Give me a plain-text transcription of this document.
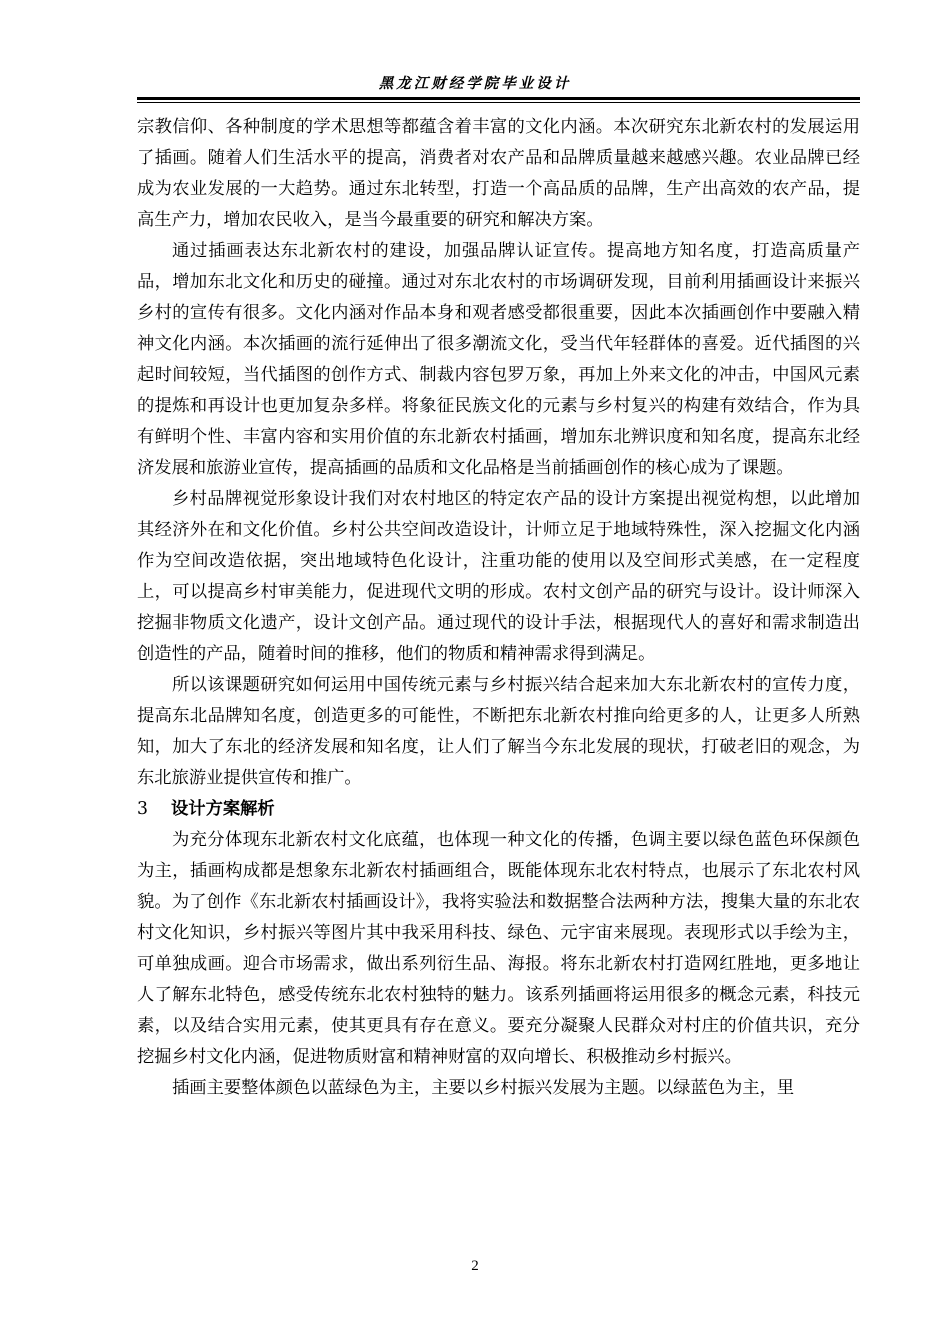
黑龙江财经学院毕业设计

宗教信仰、各种制度的学术思想等都蕴含着丰富的文化内涵。本次研究东北新农村的发展运用了插画。随着人们生活水平的提高，消费者对农产品和品牌质量越来越感兴趣。农业品牌已经成为农业发展的一大趋势。通过东北转型，打造一个高品质的品牌，生产出高效的农产品，提高生产力，增加农民收入，是当今最重要的研究和解决方案。

通过插画表达东北新农村的建设，加强品牌认证宣传。提高地方知名度，打造高质量产品，增加东北文化和历史的碰撞。通过对东北农村的市场调研发现，目前利用插画设计来振兴乡村的宣传有很多。文化内涵对作品本身和观者感受都很重要，因此本次插画创作中要融入精神文化内涵。本次插画的流行延伸出了很多潮流文化，受当代年轻群体的喜爱。近代插图的兴起时间较短，当代插图的创作方式、制裁内容包罗万象，再加上外来文化的冲击，中国风元素的提炼和再设计也更加复杂多样。将象征民族文化的元素与乡村复兴的构建有效结合，作为具有鲜明个性、丰富内容和实用价值的东北新农村插画，增加东北辨识度和知名度，提高东北经济发展和旅游业宣传，提高插画的品质和文化品格是当前插画创作的核心成为了课题。

乡村品牌视觉形象设计我们对农村地区的特定农产品的设计方案提出视觉构想，以此增加其经济外在和文化价值。乡村公共空间改造设计，计师立足于地域特殊性，深入挖掘文化内涵作为空间改造依据，突出地域特色化设计，注重功能的使用以及空间形式美感，在一定程度上，可以提高乡村审美能力，促进现代文明的形成。农村文创产品的研究与设计。设计师深入挖掘非物质文化遗产，设计文创产品。通过现代的设计手法，根据现代人的喜好和需求制造出创造性的产品，随着时间的推移，他们的物质和精神需求得到满足。

所以该课题研究如何运用中国传统元素与乡村振兴结合起来加大东北新农村的宣传力度，提高东北品牌知名度，创造更多的可能性，不断把东北新农村推向给更多的人，让更多人所熟知，加大了东北的经济发展和知名度，让人们了解当今东北发展的现状，打破老旧的观念，为东北旅游业提供宣传和推广。

3 设计方案解析

为充分体现东北新农村文化底蕴，也体现一种文化的传播，色调主要以绿色蓝色环保颜色为主，插画构成都是想象东北新农村插画组合，既能体现东北农村特点，也展示了东北农村风貌。为了创作《东北新农村插画设计》，我将实验法和数据整合法两种方法，搜集大量的东北农村文化知识，乡村振兴等图片其中我采用科技、绿色、元宇宙来展现。表现形式以手绘为主，可单独成画。迎合市场需求，做出系列衍生品、海报。将东北新农村打造网红胜地，更多地让人了解东北特色，感受传统东北农村独特的魅力。该系列插画将运用很多的概念元素，科技元素，以及结合实用元素，使其更具有存在意义。要充分凝聚人民群众对村庄的价值共识，充分挖掘乡村文化内涵，促进物质财富和精神财富的双向增长、积极推动乡村振兴。

插画主要整体颜色以蓝绿色为主，主要以乡村振兴发展为主题。以绿蓝色为主，里

2
